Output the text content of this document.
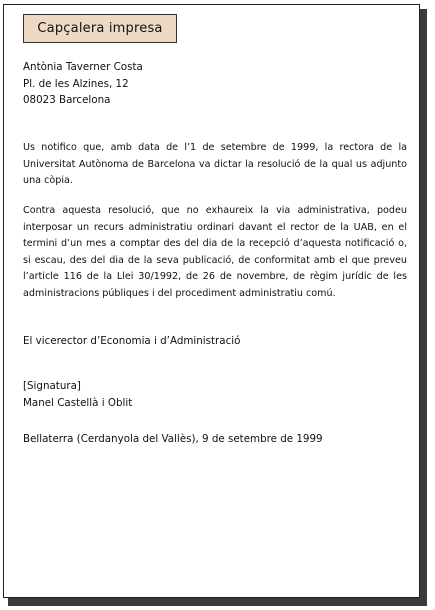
Capçalera impresa
Antònia Taverner Costa
Pl. de les Alzines, 12
08023 Barcelona
Us notifico que, amb data de l’1 de setembre de 1999, la rectora de la Universitat Autònoma de Barcelona va dictar la resolució de la qual us adjunto una còpia.
Contra aquesta resolució, que no exhaureix la via administrativa, podeu interposar un recurs administratiu ordinari davant el rector de la UAB, en el termini d’un mes a comptar des del dia de la recepció d’aquesta notificació o, si escau, des del dia de la seva publicació, de conformitat amb el que preveu l’article 116 de la Llei 30/1992, de 26 de novembre, de règim jurídic de les administracions públiques i del procediment administratiu comú.
El vicerector d’Economia i d’Administració
[Signatura]
Manel Castellà i Oblit
Bellaterra (Cerdanyola del Vallès), 9 de setembre de 1999
